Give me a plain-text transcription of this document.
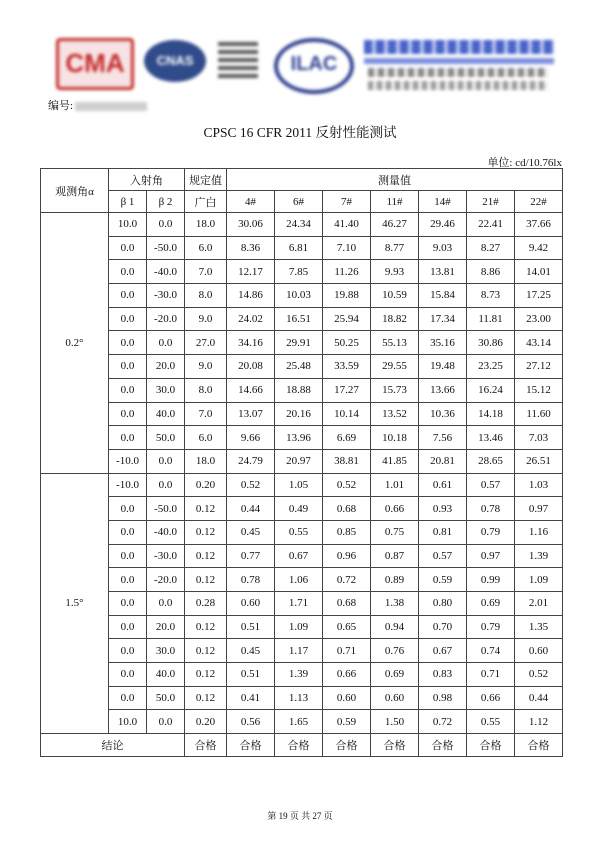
CMA	CNAS	ILAC
编号:
CPSC 16 CFR 2011 反射性能测试
单位: cd/10.76lx
观测角α	入射角		规定值	测量值						
	β 1	β 2	广白	4#	6#	7#	11#	14#	21#	22#
0.2°	10.0	0.0	18.0	30.06	24.34	41.40	46.27	29.46	22.41	37.66
	0.0	-50.0	6.0	8.36	6.81	7.10	8.77	9.03	8.27	9.42
	0.0	-40.0	7.0	12.17	7.85	11.26	9.93	13.81	8.86	14.01
	0.0	-30.0	8.0	14.86	10.03	19.88	10.59	15.84	8.73	17.25
	0.0	-20.0	9.0	24.02	16.51	25.94	18.82	17.34	11.81	23.00
	0.0	0.0	27.0	34.16	29.91	50.25	55.13	35.16	30.86	43.14
	0.0	20.0	9.0	20.08	25.48	33.59	29.55	19.48	23.25	27.12
	0.0	30.0	8.0	14.66	18.88	17.27	15.73	13.66	16.24	15.12
	0.0	40.0	7.0	13.07	20.16	10.14	13.52	10.36	14.18	11.60
	0.0	50.0	6.0	9.66	13.96	6.69	10.18	7.56	13.46	7.03
	-10.0	0.0	18.0	24.79	20.97	38.81	41.85	20.81	28.65	26.51
1.5°	-10.0	0.0	0.20	0.52	1.05	0.52	1.01	0.61	0.57	1.03
	0.0	-50.0	0.12	0.44	0.49	0.68	0.66	0.93	0.78	0.97
	0.0	-40.0	0.12	0.45	0.55	0.85	0.75	0.81	0.79	1.16
	0.0	-30.0	0.12	0.77	0.67	0.96	0.87	0.57	0.97	1.39
	0.0	-20.0	0.12	0.78	1.06	0.72	0.89	0.59	0.99	1.09
	0.0	0.0	0.28	0.60	1.71	0.68	1.38	0.80	0.69	2.01
	0.0	20.0	0.12	0.51	1.09	0.65	0.94	0.70	0.79	1.35
	0.0	30.0	0.12	0.45	1.17	0.71	0.76	0.67	0.74	0.60
	0.0	40.0	0.12	0.51	1.39	0.66	0.69	0.83	0.71	0.52
	0.0	50.0	0.12	0.41	1.13	0.60	0.60	0.98	0.66	0.44
	10.0	0.0	0.20	0.56	1.65	0.59	1.50	0.72	0.55	1.12
结论			合格	合格	合格	合格	合格	合格	合格	合格
第 19 页 共 27 页
